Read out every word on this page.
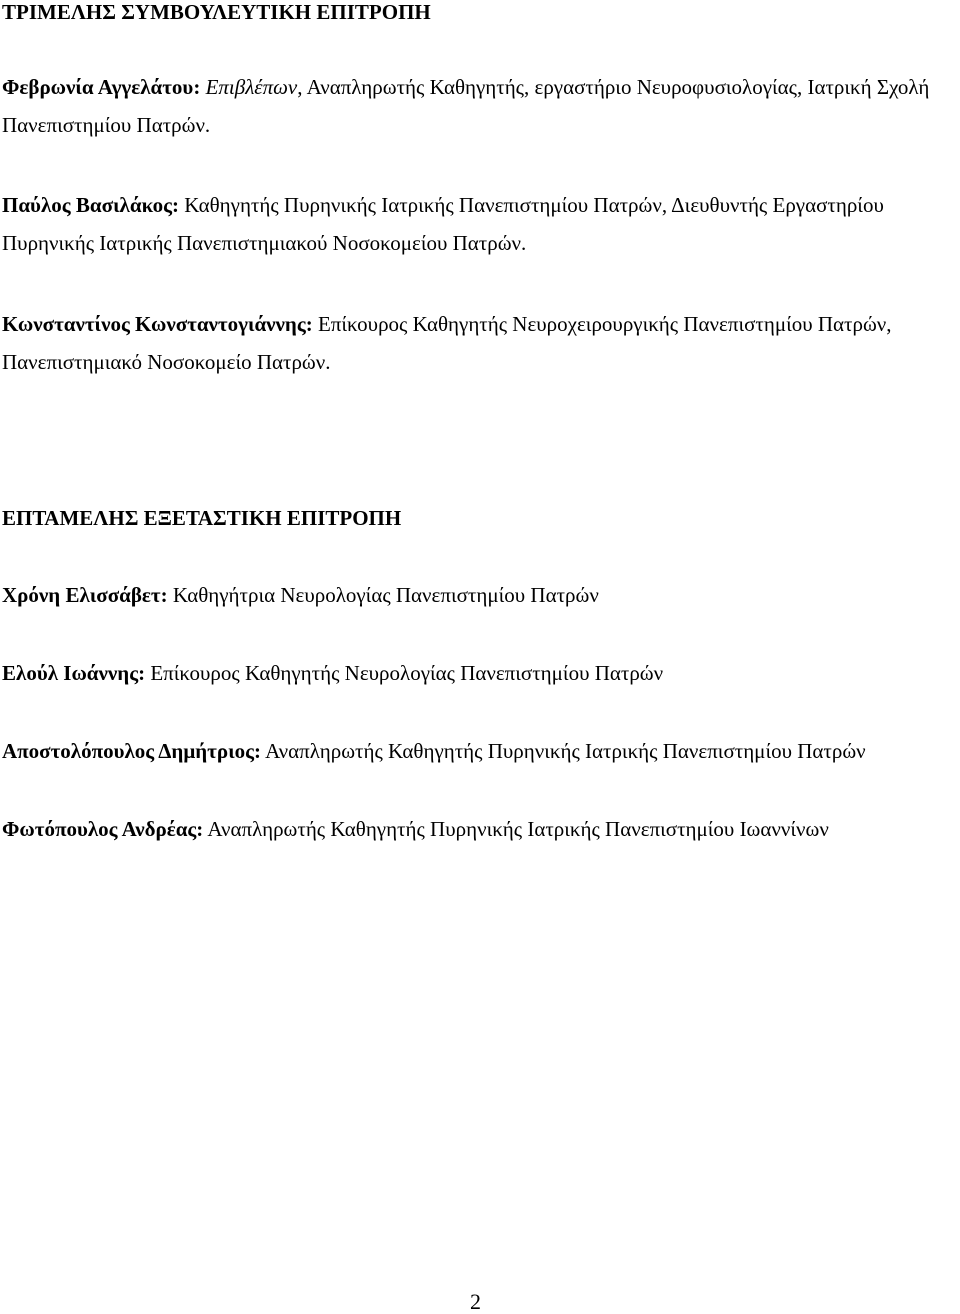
ΤΡΙΜΕΛΗΣ ΣΥΜΒΟΥΛΕΥΤΙΚΗ ΕΠΙΤΡΟΠΗ
Φεβρωνία Αγγελάτου: Επιβλέπων, Αναπληρωτής Καθηγητής, εργαστήριο Νευροφυσιολογίας, Ιατρική Σχολή Πανεπιστημίου Πατρών.
Παύλος Βασιλάκος: Καθηγητής Πυρηνικής Ιατρικής Πανεπιστημίου Πατρών, Διευθυντής Εργαστηρίου Πυρηνικής Ιατρικής Πανεπιστημιακού Νοσοκομείου Πατρών.
Κωνσταντίνος Κωνσταντογιάννης: Επίκουρος Καθηγητής Νευροχειρουργικής Πανεπιστημίου Πατρών, Πανεπιστημιακό Νοσοκομείο Πατρών.
ΕΠΤΑΜΕΛΗΣ ΕΞΕΤΑΣΤΙΚΗ ΕΠΙΤΡΟΠΗ
Χρόνη Ελισσάβετ: Καθηγήτρια Νευρολογίας Πανεπιστημίου Πατρών
Ελούλ Ιωάννης: Επίκουρος Καθηγητής Νευρολογίας Πανεπιστημίου Πατρών
Αποστολόπουλος Δημήτριος: Αναπληρωτής Καθηγητής Πυρηνικής Ιατρικής Πανεπιστημίου Πατρών
Φωτόπουλος Ανδρέας: Αναπληρωτής Καθηγητής Πυρηνικής Ιατρικής Πανεπιστημίου Ιωαννίνων
2
